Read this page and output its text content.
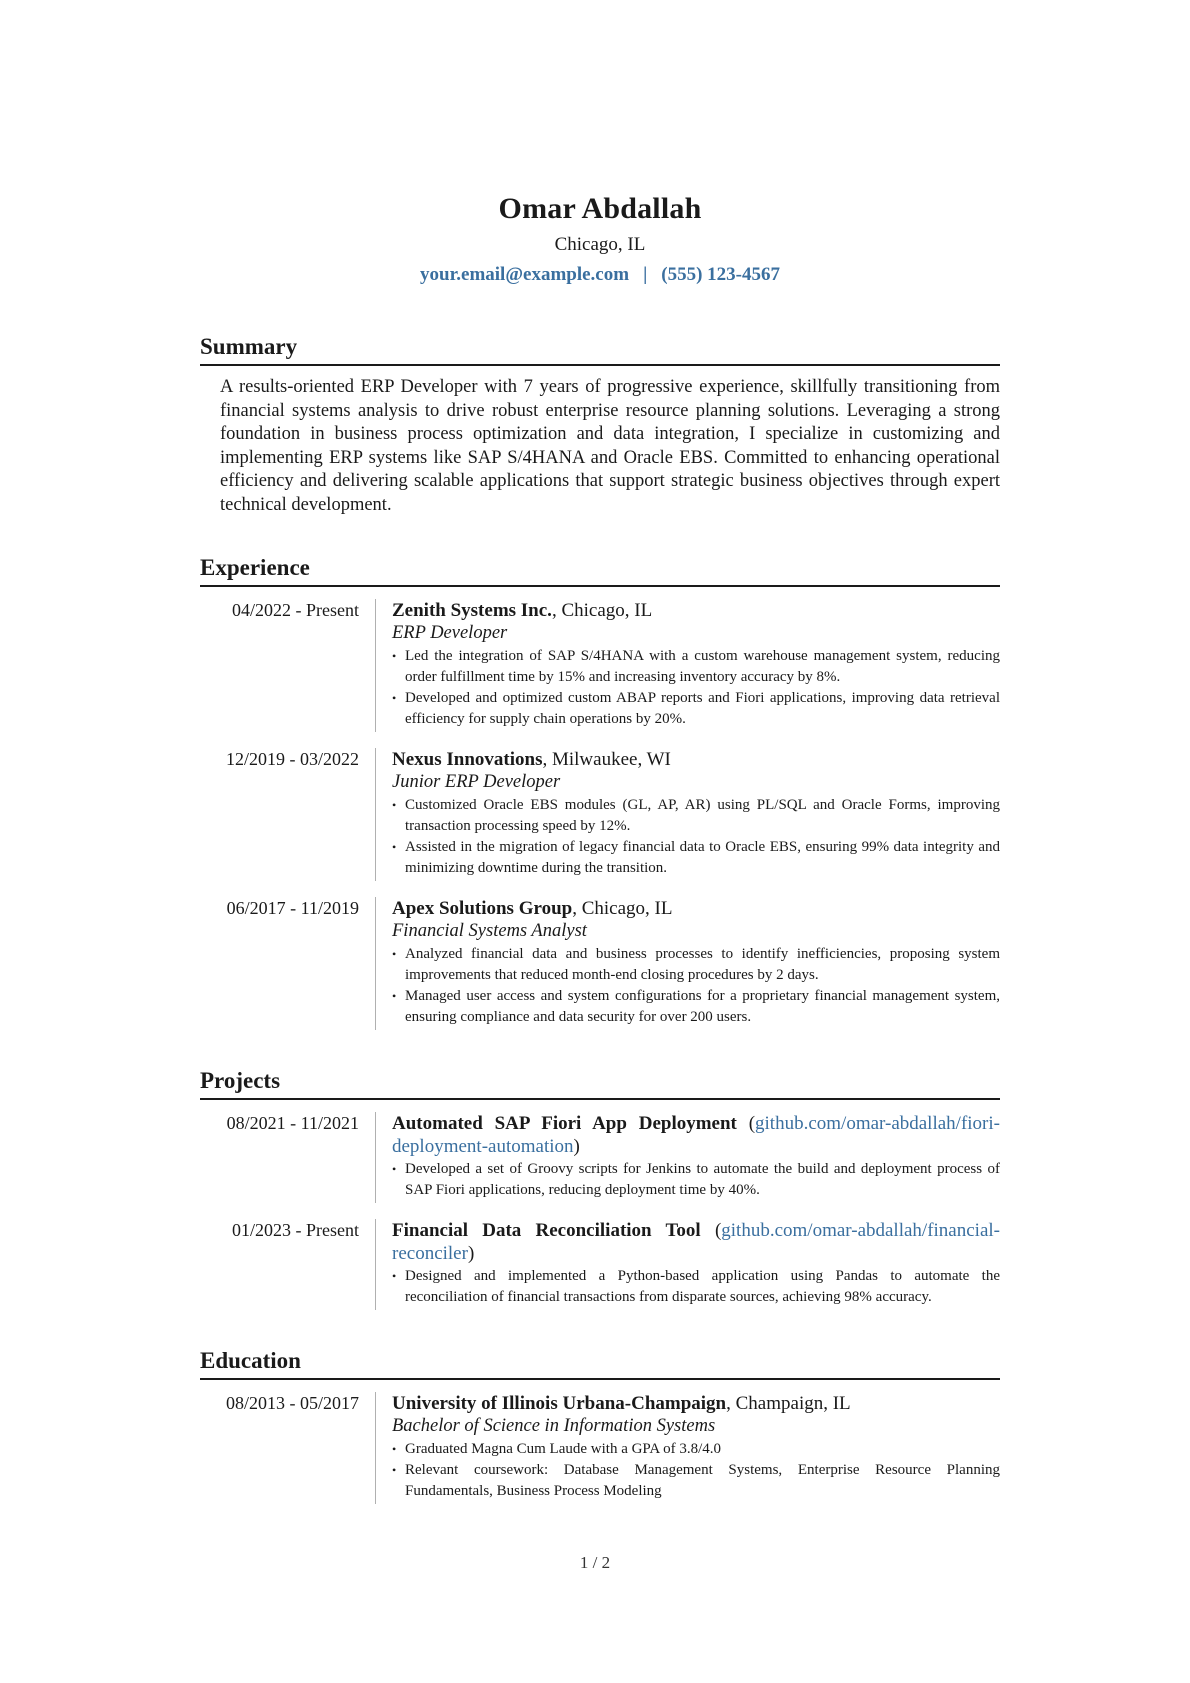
Omar Abdallah
Chicago, IL
your.email@example.com | (555) 123-4567
Summary

A results-oriented ERP Developer with 7 years of progressive experience, skillfully transitioning from financial systems analysis to drive robust enterprise resource planning solutions. Leveraging a strong foundation in business process optimization and data integration, I specialize in customizing and implementing ERP systems like SAP S/4HANA and Oracle EBS. Committed to enhancing operational efficiency and delivering scalable applications that support strategic business objectives through expert technical development.

Experience
04/2022 - Present	Zenith Systems Inc., Chicago, IL
ERP Developer
• Led the integration of SAP S/4HANA with a custom warehouse management system, reducing order fulfillment time by 15% and increasing inventory accuracy by 8%.
• Developed and optimized custom ABAP reports and Fiori applications, improving data retrieval efficiency for supply chain operations by 20%.
12/2019 - 03/2022	Nexus Innovations, Milwaukee, WI
Junior ERP Developer
• Customized Oracle EBS modules (GL, AP, AR) using PL/SQL and Oracle Forms, improving transaction processing speed by 12%.
• Assisted in the migration of legacy financial data to Oracle EBS, ensuring 99% data integrity and minimizing downtime during the transition.
06/2017 - 11/2019	Apex Solutions Group, Chicago, IL
Financial Systems Analyst
• Analyzed financial data and business processes to identify inefficiencies, proposing system improvements that reduced month-end closing procedures by 2 days.
• Managed user access and system configurations for a proprietary financial management system, ensuring compliance and data security for over 200 users.
Projects
08/2021 - 11/2021	Automated SAP Fiori App Deployment (github.com/omar-abdallah/fiori-deployment-automation)
• Developed a set of Groovy scripts for Jenkins to automate the build and deployment process of SAP Fiori applications, reducing deployment time by 40%.
01/2023 - Present	Financial Data Reconciliation Tool (github.com/omar-abdallah/financial-reconciler)
• Designed and implemented a Python-based application using Pandas to automate the reconciliation of financial transactions from disparate sources, achieving 98% accuracy.
Education
08/2013 - 05/2017	University of Illinois Urbana-Champaign, Champaign, IL
Bachelor of Science in Information Systems
• Graduated Magna Cum Laude with a GPA of 3.8/4.0
• Relevant coursework: Database Management Systems, Enterprise Resource Planning Fundamentals, Business Process Modeling
1 / 2
